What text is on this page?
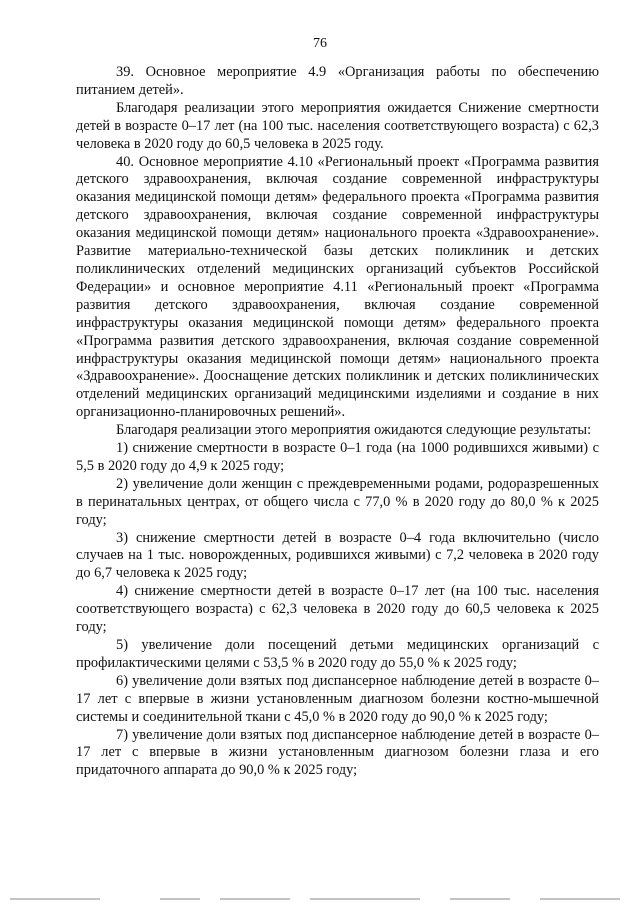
76

39. Основное мероприятие 4.9 «Организация работы по обеспечению питанием детей».

Благодаря реализации этого мероприятия ожидается Снижение смертности детей в возрасте 0–17 лет (на 100 тыс. населения соответствующего возраста) с 62,3 человека в 2020 году до 60,5 человека в 2025 году.

40. Основное мероприятие 4.10 «Региональный проект «Программа развития детского здравоохранения, включая создание современной инфраструктуры оказания медицинской помощи детям» федерального проекта «Программа развития детского здравоохранения, включая создание современной инфраструктуры оказания медицинской помощи детям» национального проекта «Здравоохранение». Развитие материально-технической базы детских поликлиник и детских поликлинических отделений медицинских организаций субъектов Российской Федерации» и основное мероприятие 4.11 «Региональный проект «Программа развития детского здравоохранения, включая создание современной инфраструктуры оказания медицинской помощи детям» федерального проекта «Программа развития детского здравоохранения, включая создание современной инфраструктуры оказания медицинской помощи детям» национального проекта «Здравоохранение». Дооснащение детских поликлиник и детских поликлинических отделений медицинских организаций медицинскими изделиями и создание в них организационно-планировочных решений».

Благодаря реализации этого мероприятия ожидаются следующие результаты:

1) снижение смертности в возрасте 0–1 года (на 1000 родившихся живыми) с 5,5 в 2020 году до 4,9 к 2025 году;

2) увеличение доли женщин с преждевременными родами, родоразрешенных в перинатальных центрах, от общего числа с 77,0 % в 2020 году до 80,0 % к 2025 году;

3) снижение смертности детей в возрасте 0–4 года включительно (число случаев на 1 тыс. новорожденных, родившихся живыми) с 7,2 человека в 2020 году до 6,7 человека к 2025 году;

4) снижение смертности детей в возрасте 0–17 лет (на 100 тыс. населения соответствующего возраста) с 62,3 человека в 2020 году до 60,5 человека к 2025 году;

5) увеличение доли посещений детьми медицинских организаций с профилактическими целями с 53,5 % в 2020 году до 55,0 % к 2025 году;

6) увеличение доли взятых под диспансерное наблюдение детей в возрасте 0–17 лет с впервые в жизни установленным диагнозом болезни костно-мышечной системы и соединительной ткани с 45,0 % в 2020 году до 90,0 % к 2025 году;

7) увеличение доли взятых под диспансерное наблюдение детей в возрасте 0–17 лет с впервые в жизни установленным диагнозом болезни глаза и его придаточного аппарата до 90,0 % к 2025 году;
